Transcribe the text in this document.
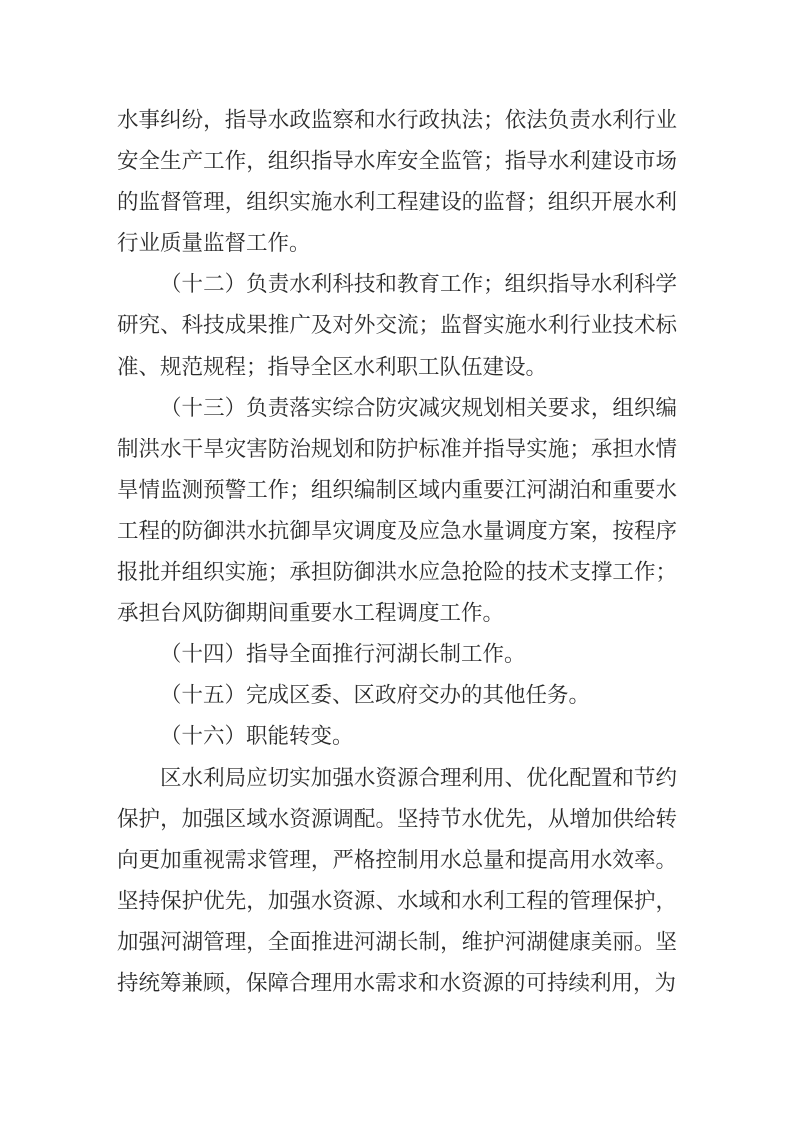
水事纠纷，指导水政监察和水行政执法；依法负责水利行业安全生产工作，组织指导水库安全监管；指导水利建设市场的监督管理，组织实施水利工程建设的监督；组织开展水利行业质量监督工作。

（十二）负责水利科技和教育工作；组织指导水利科学研究、科技成果推广及对外交流；监督实施水利行业技术标准、规范规程；指导全区水利职工队伍建设。

（十三）负责落实综合防灾减灾规划相关要求，组织编制洪水干旱灾害防治规划和防护标准并指导实施；承担水情旱情监测预警工作；组织编制区域内重要江河湖泊和重要水工程的防御洪水抗御旱灾调度及应急水量调度方案，按程序报批并组织实施；承担防御洪水应急抢险的技术支撑工作；承担台风防御期间重要水工程调度工作。

（十四）指导全面推行河湖长制工作。

（十五）完成区委、区政府交办的其他任务。

（十六）职能转变。

区水利局应切实加强水资源合理利用、优化配置和节约保护，加强区域水资源调配。坚持节水优先，从增加供给转向更加重视需求管理，严格控制用水总量和提高用水效率。坚持保护优先，加强水资源、水域和水利工程的管理保护，加强河湖管理，全面推进河湖长制，维护河湖健康美丽。坚持统筹兼顾，保障合理用水需求和水资源的可持续利用，为
